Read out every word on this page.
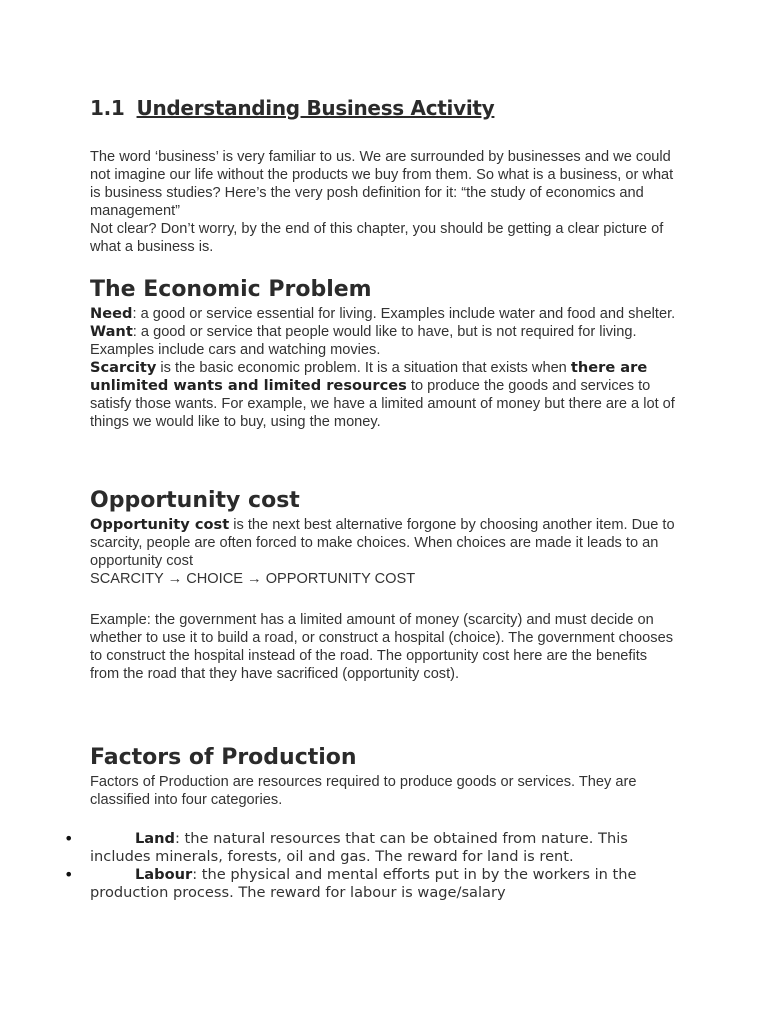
1.1 Understanding Business Activity

The word ‘business’ is very familiar to us. We are surrounded by businesses and we could not imagine our life without the products we buy from them. So what is a business, or what is business studies? Here’s the very posh definition for it: “the study of economics and management”

Not clear? Don’t worry, by the end of this chapter, you should be getting a clear picture of what a business is.

The Economic Problem

Need: a good or service essential for living. Examples include water and food and shelter.

Want: a good or service that people would like to have, but is not required for living. Examples include cars and watching movies.

Scarcity is the basic economic problem. It is a situation that exists when there are unlimited wants and limited resources to produce the goods and services to satisfy those wants. For example, we have a limited amount of money but there are a lot of things we would like to buy, using the money.

Opportunity cost

Opportunity cost is the next best alternative forgone by choosing another item. Due to scarcity, people are often forced to make choices. When choices are made it leads to an opportunity cost

SCARCITY → CHOICE → OPPORTUNITY COST

Example: the government has a limited amount of money (scarcity) and must decide on whether to use it to build a road, or construct a hospital (choice). The government chooses to construct the hospital instead of the road. The opportunity cost here are the benefits from the road that they have sacrificed (opportunity cost).

Factors of Production

Factors of Production are resources required to produce goods or services. They are classified into four categories.

•	Land: the natural resources that can be obtained from nature. This includes minerals, forests, oil and gas. The reward for land is rent.
•	Labour: the physical and mental efforts put in by the workers in the production process. The reward for labour is wage/salary
